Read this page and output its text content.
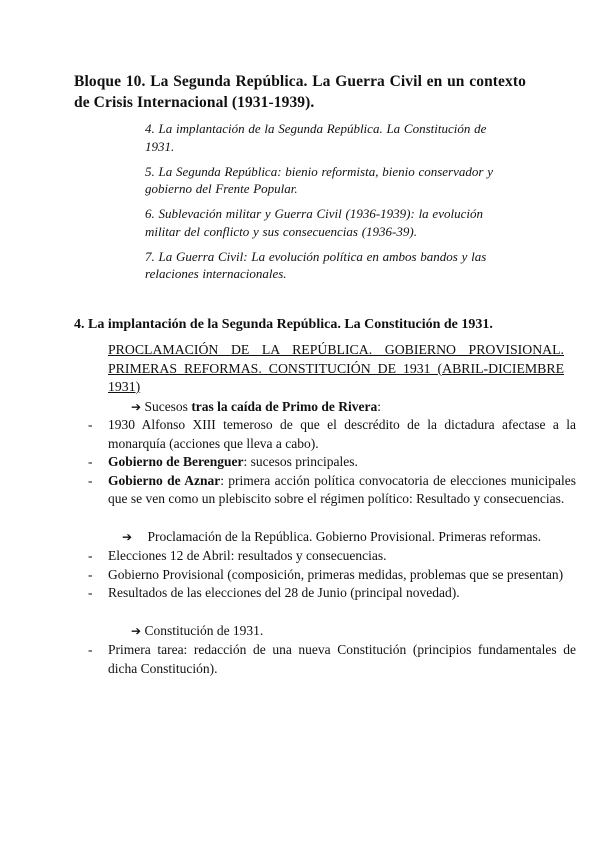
Bloque 10. La Segunda República. La Guerra Civil en un contexto de Crisis Internacional (1931-1939).

4. La implantación de la Segunda República. La Constitución de 1931.

5. La Segunda República: bienio reformista, bienio conservador y gobierno del Frente Popular.

6. Sublevación militar y Guerra Civil (1936-1939): la evolución militar del conflicto y sus consecuencias (1936-39).

7. La Guerra Civil: La evolución política en ambos bandos y las relaciones internacionales.

4. La implantación de la Segunda República. La Constitución de 1931.
PROCLAMACIÓN DE LA REPÚBLICA. GOBIERNO PROVISIONAL. PRIMERAS REFORMAS. CONSTITUCIÓN DE 1931 (ABRIL-DICIEMBRE 1931)
➔ Sucesos tras la caída de Primo de Rivera:
- 1930 Alfonso XIII temeroso de que el descrédito de la dictadura afectase a la monarquía (acciones que lleva a cabo).
- Gobierno de Berenguer: sucesos principales.
- Gobierno de Aznar: primera acción política convocatoria de elecciones municipales que se ven como un plebiscito sobre el régimen político: Resultado y consecuencias.
➔ Proclamación de la República. Gobierno Provisional. Primeras reformas.
- Elecciones 12 de Abril: resultados y consecuencias.
- Gobierno Provisional (composición, primeras medidas, problemas que se presentan)
- Resultados de las elecciones del 28 de Junio (principal novedad).
➔ Constitución de 1931.
- Primera tarea: redacción de una nueva Constitución (principios fundamentales de dicha Constitución).
